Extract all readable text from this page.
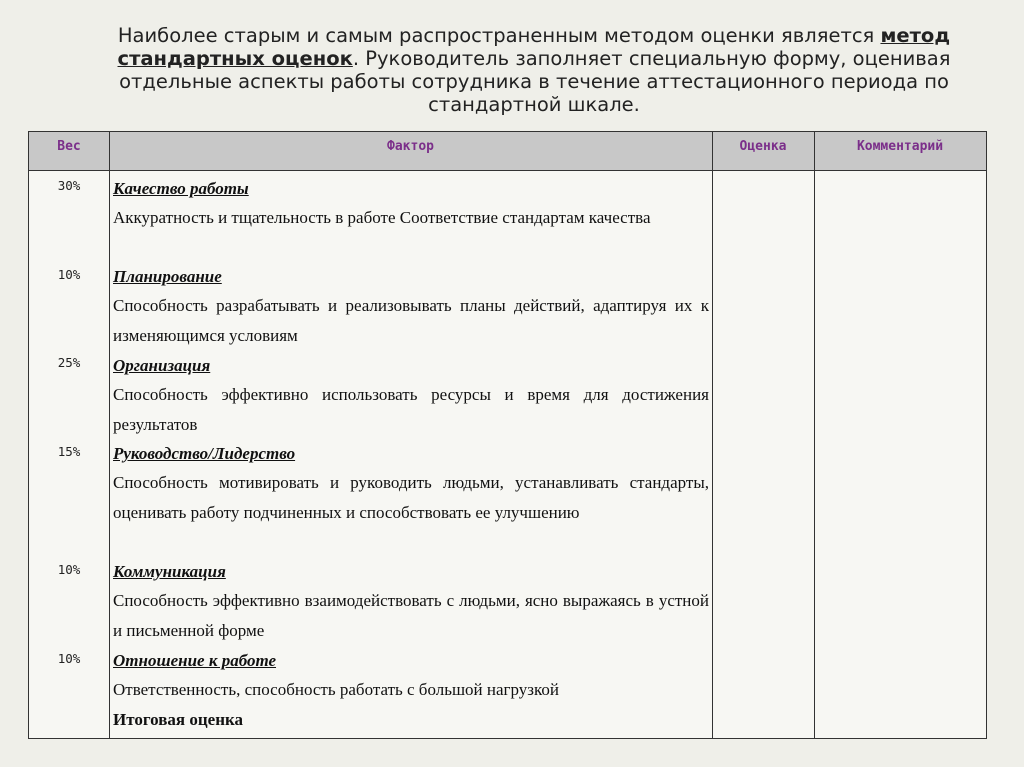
Наиболее старым и самым распространенным методом оценки является метод стандартных оценок. Руководитель заполняет специальную форму, оценивая отдельные аспекты работы сотрудника в течение аттестационного периода по стандартной шкале.
Вес	Фактор	Оценка	Комментарий
30%	Качество работы
Аккуратность и тщательность в работе Соответствие стандартам качества
10%	Планирование
Способность разрабатывать и реализовывать планы действий, адаптируя их к изменяющимся условиям
25%	Организация
Способность эффективно использовать ресурсы и время для достижения результатов
15%	Руководство/Лидерство
Способность мотивировать и руководить людьми, устанавливать стандарты, оценивать работу подчиненных и способствовать ее улучшению
10%	Коммуникация
Способность эффективно взаимодействовать с людьми, ясно выражаясь в устной и письменной форме
10%	Отношение к работе
Ответственность, способность работать с большой нагрузкой
Итоговая оценка
